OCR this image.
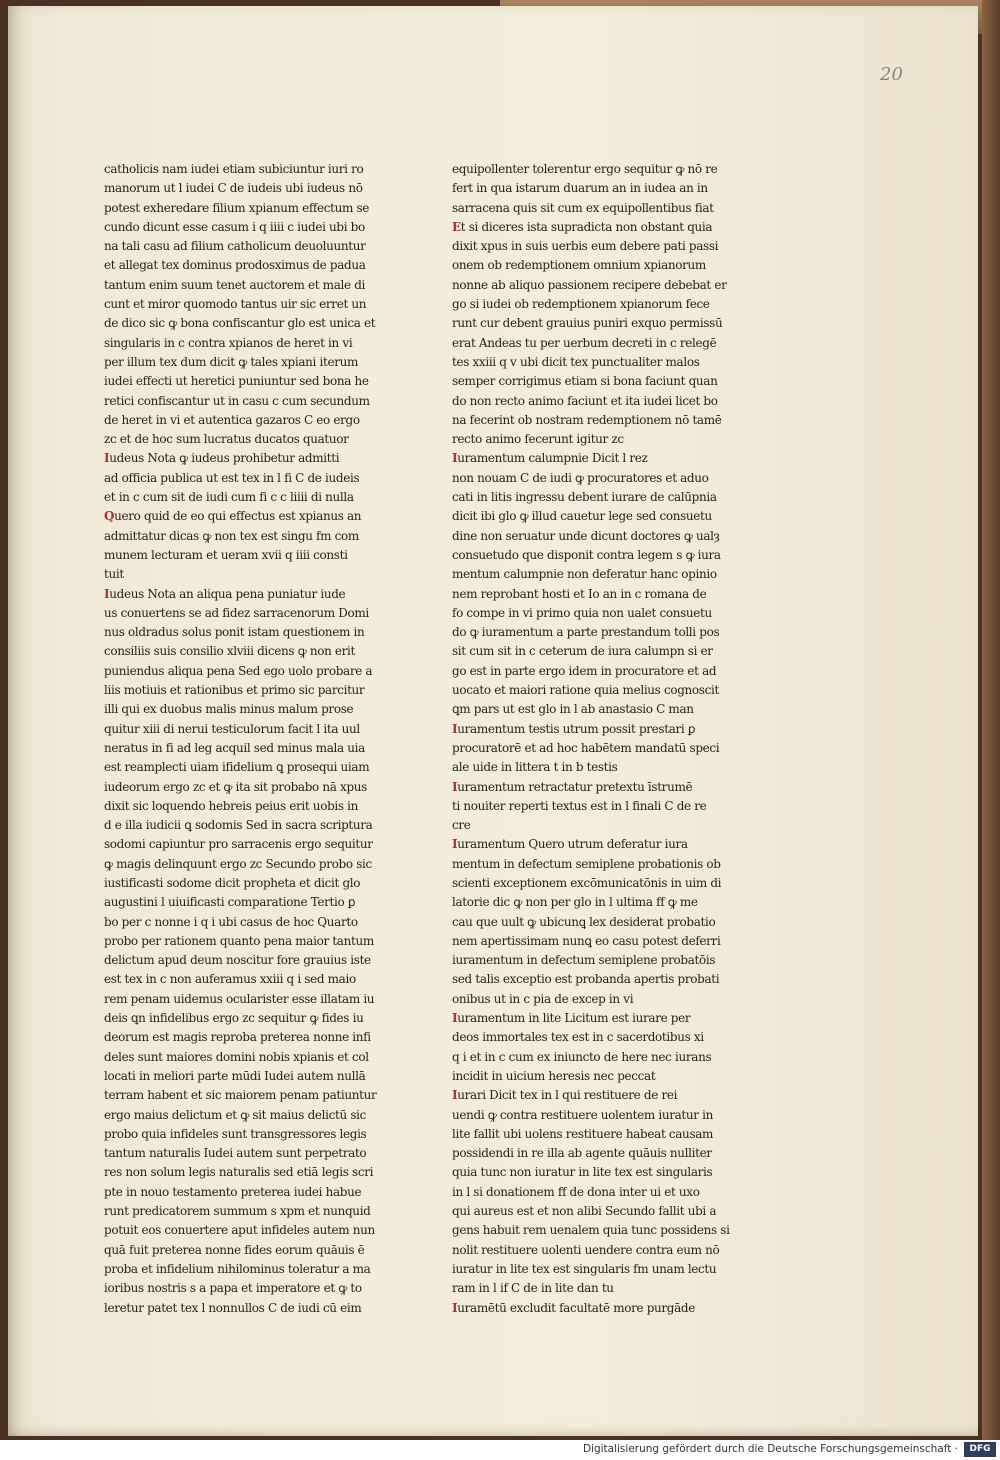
20
catholicis nam iudei etiam subiciuntur iuri ro
manorum ut l iudei C de iudeis ubi iudeus nō
potest exheredare filium xpianum effectum se
cundo dicunt esse casum i q iiii c iudei ubi bo
na tali casu ad filium catholicum deuoluuntur
et allegat tex dominus prodosximus de padua
tantum enim suum tenet auctorem et male di
cunt et miror quomodo tantus uir sic erret un
de dico sic ꝙ bona confiscantur glo est unica et
singularis in c contra xpianos de heret in vi
per illum tex dum dicit ꝙ tales xpiani iterum
iudei effecti ut heretici puniuntur sed bona he
retici confiscantur ut in casu c cum secundum
de heret in vi et autentica gazaros C eo ergo
zc et de hoc sum lucratus ducatos quatuor
Iudeus Nota ꝙ iudeus prohibetur admitti
ad officia publica ut est tex in l fi C de iudeis
et in c cum sit de iudi cum fi c c liiii di nulla
Quero quid de eo qui effectus est xpianus an
admittatur dicas ꝙ non tex est singu fm com
munem lecturam et ueram xvii q iiii consti
tuit
Iudeus Nota an aliqua pena puniatur iude
us conuertens se ad fidez sarracenorum Domi
nus oldradus solus ponit istam questionem in
consiliis suis consilio xlviii dicens ꝙ non erit
puniendus aliqua pena Sed ego uolo probare a
liis motiuis et rationibus et primo sic parcitur
illi qui ex duobus malis minus malum prose
quitur xiii di nerui testiculorum facit l ita uul
neratus in fi ad leg acquil sed minus mala uia
est reamplecti uiam ifidelium ꝗ prosequi uiam
iudeorum ergo zc et ꝙ ita sit probabo nā xpus
dixit sic loquendo hebreis peius erit uobis in
d e illa iudicii ꝗ sodomis Sed in sacra scriptura
sodomi capiuntur pro sarracenis ergo sequitur
ꝙ magis delinquunt ergo zc Secundo probo sic
iustificasti sodome dicit propheta et dicit glo
augustini l uiuificasti comparatione Tertio ꝑ
bo per c nonne i q i ubi casus de hoc Quarto
probo per rationem quanto pena maior tantum
delictum apud deum noscitur fore grauius iste
est tex in c non auferamus xxiii q i sed maio
rem penam uidemus ocularister esse illatam iu
deis ꝗn infidelibus ergo zc sequitur ꝙ fides iu
deorum est magis reproba preterea nonne infi
deles sunt maiores domini nobis xpianis et col
locati in meliori parte mūdi Iudei autem nullā
terram habent et sic maiorem penam patiuntur
ergo maius delictum et ꝙ sit maius delictū sic
probo quia infideles sunt transgressores legis
tantum naturalis Iudei autem sunt perpetrato
res non solum legis naturalis sed etiā legis scri
pte in nouo testamento preterea iudei habue
runt predicatorem summum s xpm et nunquid
potuit eos conuertere aput infideles autem nun
quā fuit preterea nonne fides eorum quāuis ē
proba et infidelium nihilominus toleratur a ma
ioribus nostris s a papa et imperatore et ꝙ to
leretur patet tex l nonnullos C de iudi cū eim
equipollenter tolerentur ergo sequitur ꝙ nō re
fert in qua istarum duarum an in iudea an in
sarracena quis sit cum ex equipollentibus fiat
Et si diceres ista supradicta non obstant quia
dixit xpus in suis uerbis eum debere pati passi
onem ob redemptionem omnium xpianorum
nonne ab aliquo passionem recipere debebat er
go si iudei ob redemptionem xpianorum fece
runt cur debent grauius puniri exquo permissū
erat Andeas tu per uerbum decreti in c relegē
tes xxiii q v ubi dicit tex punctualiter malos
semper corrigimus etiam si bona faciunt quan
do non recto animo faciunt et ita iudei licet bo
na fecerint ob nostram redemptionem nō tamē
recto animo fecerunt igitur zc
Iuramentum calumpnie Dicit l rez
non nouam C de iudi ꝙ procuratores et aduo
cati in litis ingressu debent iurare de calūpnia
dicit ibi glo ꝙ illud cauetur lege sed consuetu
dine non seruatur unde dicunt doctores ꝙ ualȝ
consuetudo que disponit contra legem s ꝙ iura
mentum calumpnie non deferatur hanc opinio
nem reprobant hosti et Io an in c romana de
fo compe in vi primo quia non ualet consuetu
do ꝙ iuramentum a parte prestandum tolli pos
sit cum sit in c ceterum de iura calumpn si er
go est in parte ergo idem in procuratore et ad
uocato et maiori ratione quia melius cognoscit
ꝗm pars ut est glo in l ab anastasio C man
Iuramentum testis utrum possit prestari ꝑ
procuratorē et ad hoc habētem mandatū speci
ale uide in littera t in b testis
Iuramentum retractatur pretextu īstrumē
ti nouiter reperti textus est in l finali C de re
cre
Iuramentum Quero utrum deferatur iura
mentum in defectum semiplene probationis ob
scienti exceptionem excōmunicatōnis in uim di
latorie dic ꝙ non per glo in l ultima ff ꝙ me
cau que uult ꝙ ubicunꝗ lex desiderat probatio
nem apertissimam nunꝗ eo casu potest deferri
iuramentum in defectum semiplene probatōis
sed talis exceptio est probanda apertis probati
onibus ut in c pia de excep in vi
Iuramentum in lite Licitum est iurare per
deos immortales tex est in c sacerdotibus xi
q i et in c cum ex iniuncto de here nec iurans
incidit in uicium heresis nec peccat
Iurari Dicit tex in l qui restituere de rei
uendi ꝙ contra restituere uolentem iuratur in
lite fallit ubi uolens restituere habeat causam
possidendi in re illa ab agente quāuis nulliter
quia tunc non iuratur in lite tex est singularis
in l si donationem ff de dona inter ui et uxo
qui aureus est et non alibi Secundo fallit ubi a
gens habuit rem uenalem quia tunc possidens si
nolit restituere uolenti uendere contra eum nō
iuratur in lite tex est singularis fm unam lectu
ram in l if C de in lite dan tu
Iuramētū excludit facultatē more purgāde
Digitalisierung gefördert durch die Deutsche Forschungsgemeinschaft ·	DFG
